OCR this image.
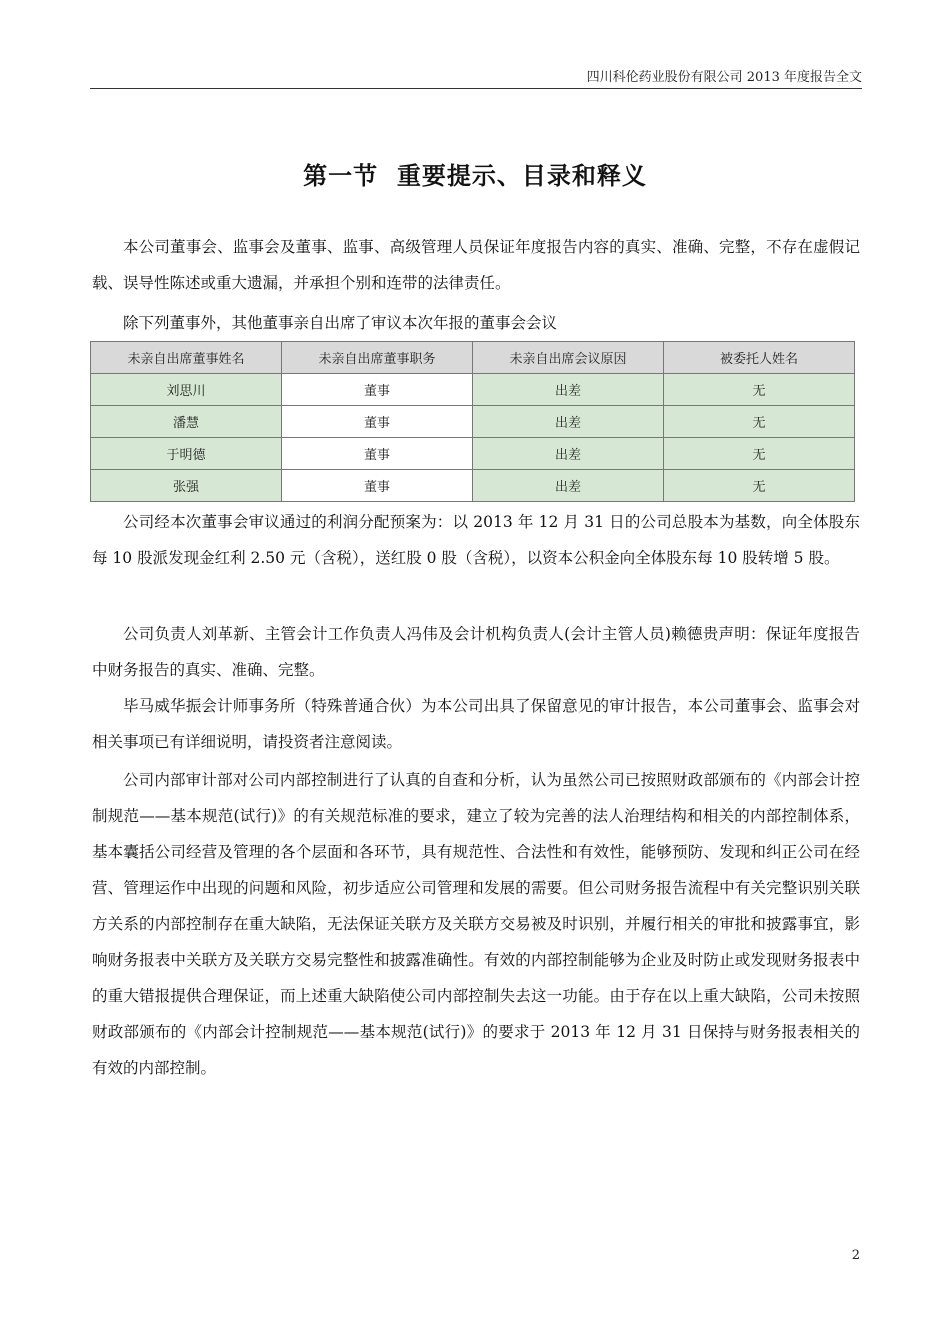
四川科伦药业股份有限公司 2013 年度报告全文
第一节  重要提示、目录和释义

本公司董事会、监事会及董事、监事、高级管理人员保证年度报告内容的真实、准确、完整，不存在虚假记载、误导性陈述或重大遗漏，并承担个别和连带的法律责任。

除下列董事外，其他董事亲自出席了审议本次年报的董事会会议

未亲自出席董事姓名	未亲自出席董事职务	未亲自出席会议原因	被委托人姓名
刘思川	董事	出差	无
潘慧	董事	出差	无
于明德	董事	出差	无
张强	董事	出差	无

公司经本次董事会审议通过的利润分配预案为：以 2013 年 12 月 31 日的公司总股本为基数，向全体股东每 10 股派发现金红利 2.50 元（含税），送红股 0 股（含税），以资本公积金向全体股东每 10 股转增 5 股。

公司负责人刘革新、主管会计工作负责人冯伟及会计机构负责人(会计主管人员)赖德贵声明：保证年度报告中财务报告的真实、准确、完整。

毕马威华振会计师事务所（特殊普通合伙）为本公司出具了保留意见的审计报告，本公司董事会、监事会对相关事项已有详细说明，请投资者注意阅读。

公司内部审计部对公司内部控制进行了认真的自查和分析，认为虽然公司已按照财政部颁布的《内部会计控制规范——基本规范(试行)》的有关规范标准的要求，建立了较为完善的法人治理结构和相关的内部控制体系，基本囊括公司经营及管理的各个层面和各环节，具有规范性、合法性和有效性，能够预防、发现和纠正公司在经营、管理运作中出现的问题和风险，初步适应公司管理和发展的需要。但公司财务报告流程中有关完整识别关联方关系的内部控制存在重大缺陷，无法保证关联方及关联方交易被及时识别，并履行相关的审批和披露事宜，影响财务报表中关联方及关联方交易完整性和披露准确性。有效的内部控制能够为企业及时防止或发现财务报表中的重大错报提供合理保证，而上述重大缺陷使公司内部控制失去这一功能。由于存在以上重大缺陷，公司未按照财政部颁布的《内部会计控制规范——基本规范(试行)》的要求于 2013 年 12 月 31 日保持与财务报表相关的有效的内部控制。

2
